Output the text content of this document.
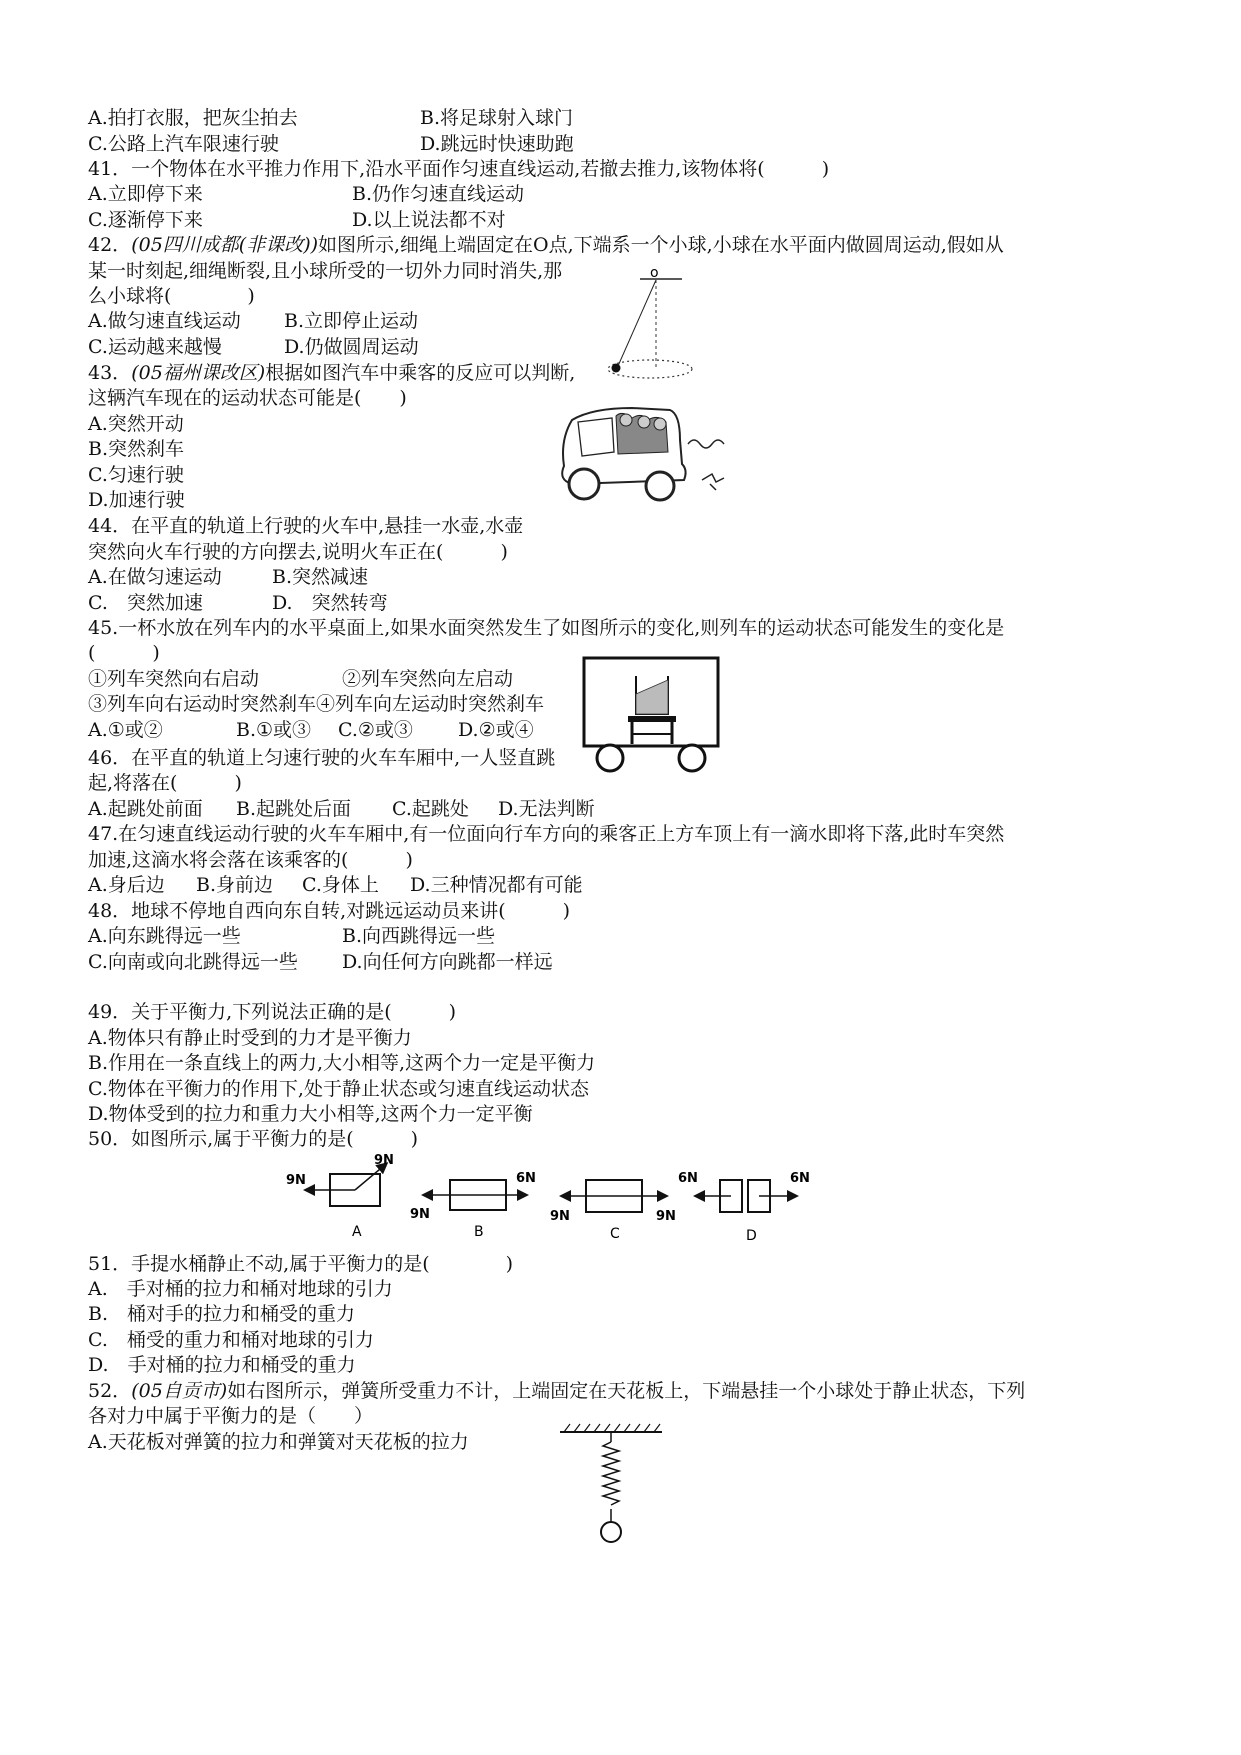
A.拍打衣服，把灰尘拍去	B.将足球射入球门
C.公路上汽车限速行驶	D.跳远时快速助跑
41．一个物体在水平推力作用下,沿水平面作匀速直线运动,若撤去推力,该物体将(　　　)
A.立即停下来	B.仍作匀速直线运动
C.逐渐停下来	D.以上说法都不对
42．(05四川成都(非课改))如图所示,细绳上端固定在O点,下端系一个小球,小球在水平面内做圆周运动,假如从
某一时刻起,细绳断裂,且小球所受的一切外力同时消失,那
么小球将(　　　　)
A.做匀速直线运动 B.立即停止运动
C.运动越来越慢	D.仍做圆周运动
o
43．(05福州课改区)根据如图汽车中乘客的反应可以判断,
这辆汽车现在的运动状态可能是(　　)
A.突然开动
B.突然刹车
C.匀速行驶
D.加速行驶
44．在平直的轨道上行驶的火车中,悬挂一水壶,水壶
突然向火车行驶的方向摆去,说明火车正在(　　　)
A.在做匀速运动	B.突然减速
C.　突然加速	D.　突然转弯
45.一杯水放在列车内的水平桌面上,如果水面突然发生了如图所示的变化,则列车的运动状态可能发生的变化是
(　　　)
①列车突然向右启动	②列车突然向左启动
③列车向右运动时突然刹车④列车向左运动时突然刹车
A.①或②	B.①或③ C.②或③ D.②或④
46．在平直的轨道上匀速行驶的火车车厢中,一人竖直跳
起,将落在(　　　)
A.起跳处前面 B.起跳处后面 C.起跳处 D.无法判断
47.在匀速直线运动行驶的火车车厢中,有一位面向行车方向的乘客正上方车顶上有一滴水即将下落,此时车突然
加速,这滴水将会落在该乘客的(　　　)
A.身后边 B.身前边 C.身体上 D.三种情况都有可能
48．地球不停地自西向东自转,对跳远运动员来讲(　　　)
A.向东跳得远一些	B.向西跳得远一些
C.向南或向北跳得远一些 D.向任何方向跳都一样远
49．关于平衡力,下列说法正确的是(　　　)
A.物体只有静止时受到的力才是平衡力
B.作用在一条直线上的两力,大小相等,这两个力一定是平衡力
C.物体在平衡力的作用下,处于静止状态或匀速直线运动状态
D.物体受到的拉力和重力大小相等,这两个力一定平衡
50．如图所示,属于平衡力的是(　　　)
9N
9N
A
6N
9N
B
9N	9N
C
6N	6N
D
51．手提水桶静止不动,属于平衡力的是(　　　　)
A.　手对桶的拉力和桶对地球的引力
B.　桶对手的拉力和桶受的重力
C.　桶受的重力和桶对地球的引力
D.　手对桶的拉力和桶受的重力
52．(05自贡市)如右图所示，弹簧所受重力不计，上端固定在天花板上，下端悬挂一个小球处于静止状态，下列
各对力中属于平衡力的是（　　）
A.天花板对弹簧的拉力和弹簧对天花板的拉力
